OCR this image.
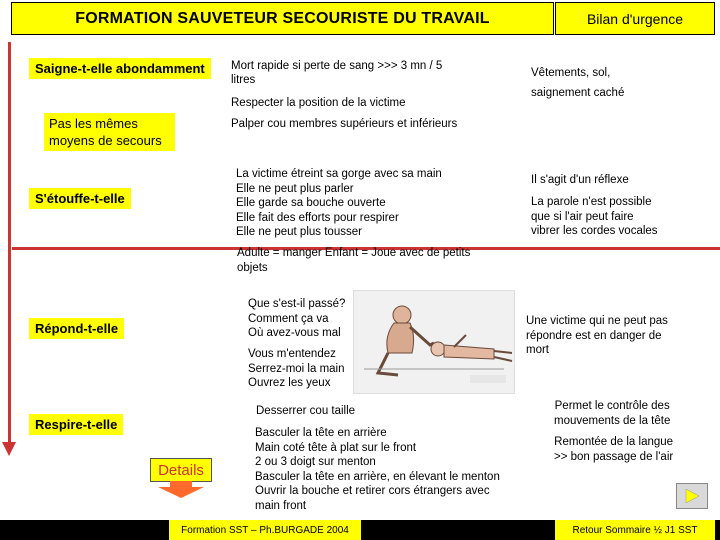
FORMATION SAUVETEUR SECOURISTE DU TRAVAIL	Bilan d'urgence
Saigne-t-elle abondamment	Mort rapide si perte de sang >>> 3 mn / 5
litres
Respecter la position de la victime
Palper cou membres supérieurs et inférieurs
Vêtements, sol,
saignement caché
Pas les mêmes
moyens de secours
S'étouffe-t-elle
La victime étreint sa gorge avec sa main
Elle ne peut plus parler
Elle garde sa bouche ouverte
Elle fait des efforts pour respirer
Elle ne peut plus tousser
Adulte = manger Enfant = Joue avec de petits
objets
Il s'agit d'un réflexe
La parole n'est possible
que si l'air peut faire
vibrer les cordes vocales
Répond-t-elle
Que s'est-il passé?
Comment ça va
Où avez-vous mal
Vous m'entendez
Serrez-moi la main
Ouvrez les yeux
Une victime qui ne peut pas
répondre est en danger de
mort
Respire-t-elle
Desserrer cou taille
Basculer la tête en arrière
Main coté tête à plat sur le front
2 ou 3 doigt sur menton
Basculer la tête en arrière, en élevant le menton
Ouvrir la bouche et retirer cors étrangers avec
main front
Permet le contrôle des
mouvements de la tête
Remontée de la langue
>> bon passage de l'air
Details
Formation SST – Ph.BURGADE 2004	Retour Sommaire ½ J1 SST
